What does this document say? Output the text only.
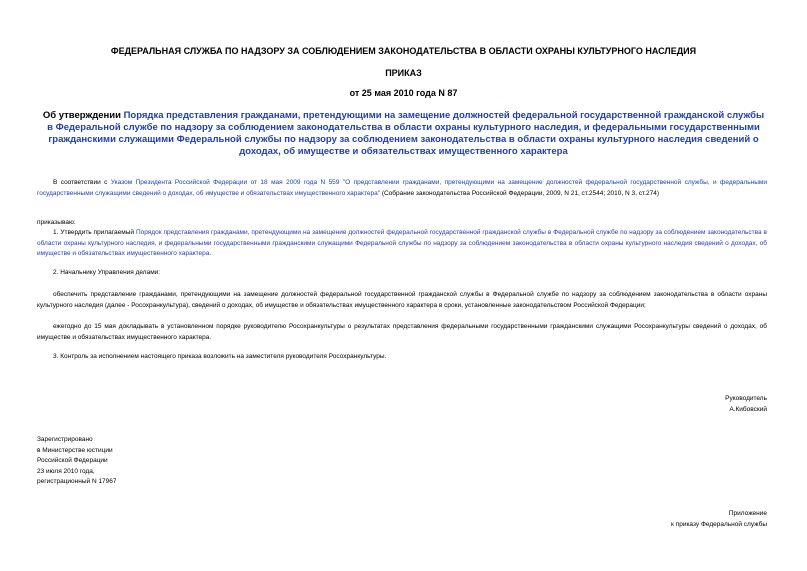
ФЕДЕРАЛЬНАЯ СЛУЖБА ПО НАДЗОРУ ЗА СОБЛЮДЕНИЕМ ЗАКОНОДАТЕЛЬСТВА В ОБЛАСТИ ОХРАНЫ КУЛЬТУРНОГО НАСЛЕДИЯ
ПРИКАЗ
от 25 мая 2010 года N 87
Об утверждении Порядка представления гражданами, претендующими на замещение должностей федеральной государственной гражданской службы в Федеральной службе по надзору за соблюдением законодательства в области охраны культурного наследия, и федеральными государственными гражданскими служащими Федеральной службы по надзору за соблюдением законодательства в области охраны культурного наследия сведений о доходах, об имуществе и обязательствах имущественного характера
В соответствии с Указом Президента Российской Федерации от 18 мая 2009 года N 559 "О представлении гражданами, претендующими на замещение должностей федеральной государственной службы, и федеральными государственными служащими сведений о доходах, об имуществе и обязательствах имущественного характера" (Собрание законодательства Российской Федерации, 2009, N 21, ст.2544; 2010, N 3, ст.274)
приказываю:
1. Утвердить прилагаемый Порядок представления гражданами, претендующими на замещение должностей федеральной государственной гражданской службы в Федеральной службе по надзору за соблюдением законодательства в области охраны культурного наследия, и федеральными государственными гражданскими служащими Федеральной службы по надзору за соблюдением законодательства в области охраны культурного наследия сведений о доходах, об имуществе и обязательствах имущественного характера.
2. Начальнику Управления делами:
обеспечить представление гражданами, претендующими на замещение должностей федеральной государственной гражданской службы в Федеральной службе по надзору за соблюдением законодательства в области охраны культурного наследия (далее - Росохранкультура), сведений о доходах, об имуществе и обязательствах имущественного характера в сроки, установленные законодательством Российской Федерации;
ежегодно до 15 мая докладывать в установленном порядке руководителю Росохранкультуры о результатах представления федеральными государственными гражданскими служащими Росохранкультуры сведений о доходах, об имуществе и обязательствах имущественного характера.
3. Контроль за исполнением настоящего приказа возложить на заместителя руководителя Росохранкультуры.
Руководитель
А.Кибовский
Зарегистрировано
в Министерстве юстиции
Российской Федерации
23 июля 2010 года,
регистрационный N 17967
Приложение
к приказу Федеральной службы
